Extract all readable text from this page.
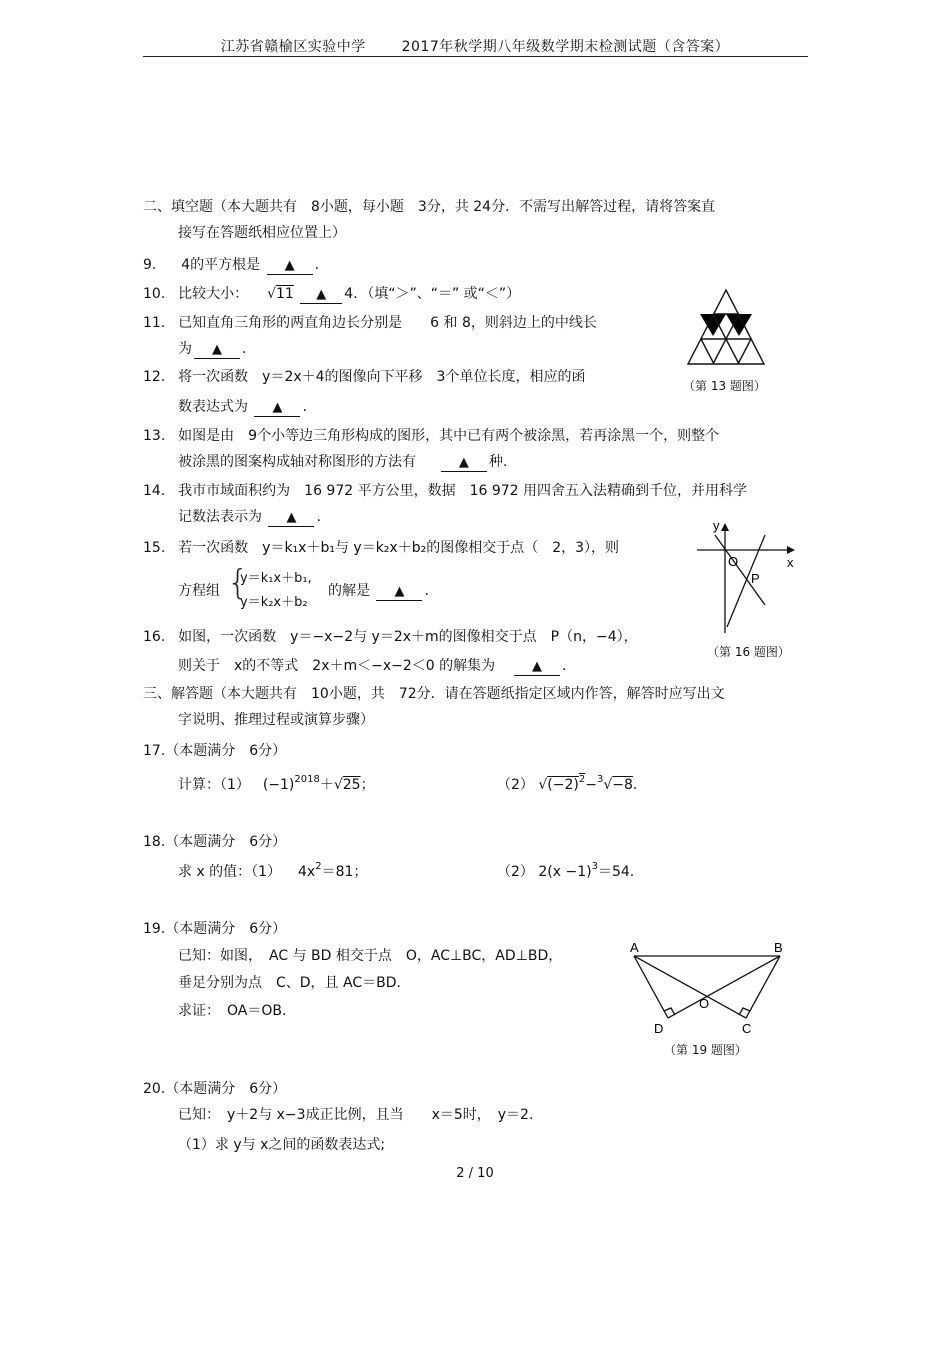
江苏省赣榆区实验中学	2017年秋学期八年级数学期末检测试题（含答案）
二、填空题（本大题共有　8小题，每小题　3分，共 24分．不需写出解答过程，请将答案直
接写在答题纸相应位置上）
9. 4的平方根是 ▲ .
10. 比较大小： √11 ▲ 4．（填“＞”、“＝” 或“＜”）
11. 已知直角三角形的两直角边长分别是　　6 和 8，则斜边上的中线长
为 ▲ .
12. 将一次函数　y＝2x＋4的图像向下平移　3个单位长度，相应的函
数表达式为 ▲ .
13. 如图是由　9个小等边三角形构成的图形，其中已有两个被涂黑，若再涂黑一个，则整个
被涂黑的图案构成轴对称图形的方法有	▲ 种.
14. 我市市域面积约为　16 972 平方公里，数据　16 972 用四舍五入法精确到千位，并用科学
记数法表示为 ▲ .
15. 若一次函数　y＝k₁x＋b₁与 y＝k₂x＋b₂的图像相交于点（　2，3），则
方程组 {
y＝k₁x＋b₁,
y＝k₂x＋b₂
的解是 ▲ .
16. 如图，一次函数　y＝−x−2与 y＝2x＋m的图像相交于点　P（n，−4），
则关于　x的不等式　2x＋m＜−x−2＜0 的解集为	▲ .
三、解答题（本大题共有　10小题，共　72分．请在答题纸指定区域内作答，解答时应写出文
字说明、推理过程或演算步骤）
17.（本题满分　6分）
计算：（1） $(-1)^{2018}+√25$；	（2） $√(-2)^2-^3√-8$.
18.（本题满分　6分）
求 x 的值：（1） $4x^2=81$；	（2） $2(x -1)^3=54$.
19.（本题满分　6分）
已知：如图，　AC 与 BD 相交于点　O，AC⊥BC，AD⊥BD，
垂足分别为点　C、D，且 AC＝BD．
求证：　OA＝OB.
20.（本题满分　6分）
已知：　y＋2与 x−3成正比例，且当　　x＝5时，　y＝2.
（1）求 y与 x之间的函数表达式;
（第 13 题图）
y
x
O
P
（第 16 题图）
A	B
O
D	C
（第 19 题图）
2 / 10
